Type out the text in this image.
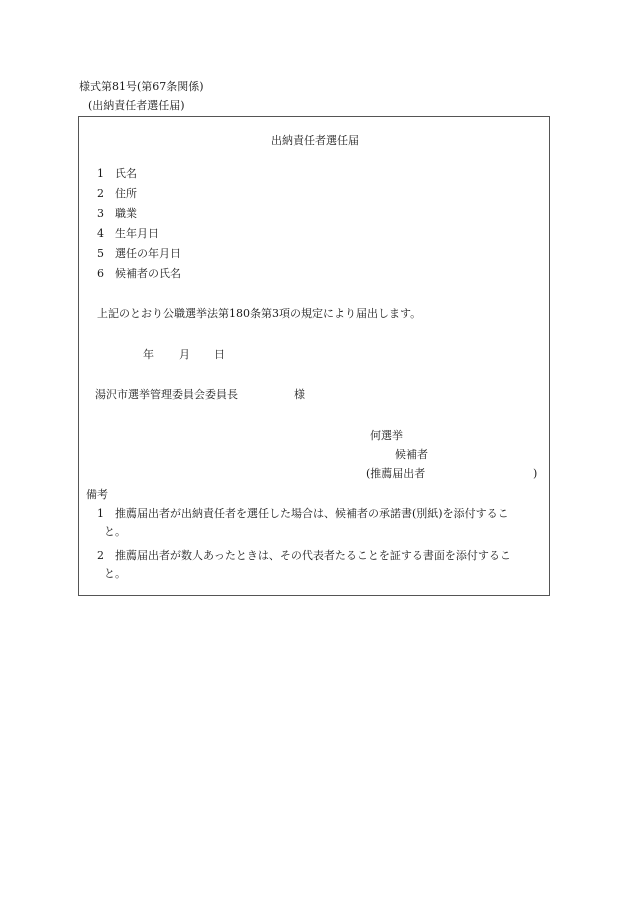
様式第81号(第67条関係)
(出納責任者選任届)
出納責任者選任届
1 氏名
2 住所
3 職業
4 生年月日
5 選任の年月日
6 候補者の氏名
上記のとおり公職選挙法第180条第3項の規定により届出します。
年 月 日
湯沢市選挙管理委員会委員長	様
何選挙
候補者
(推薦届出者	)
備考
1	推薦届出者が出納責任者を選任した場合は、候補者の承諾書(別紙)を添付するこ
と。
2	推薦届出者が数人あったときは、その代表者たることを証する書面を添付するこ
と。
